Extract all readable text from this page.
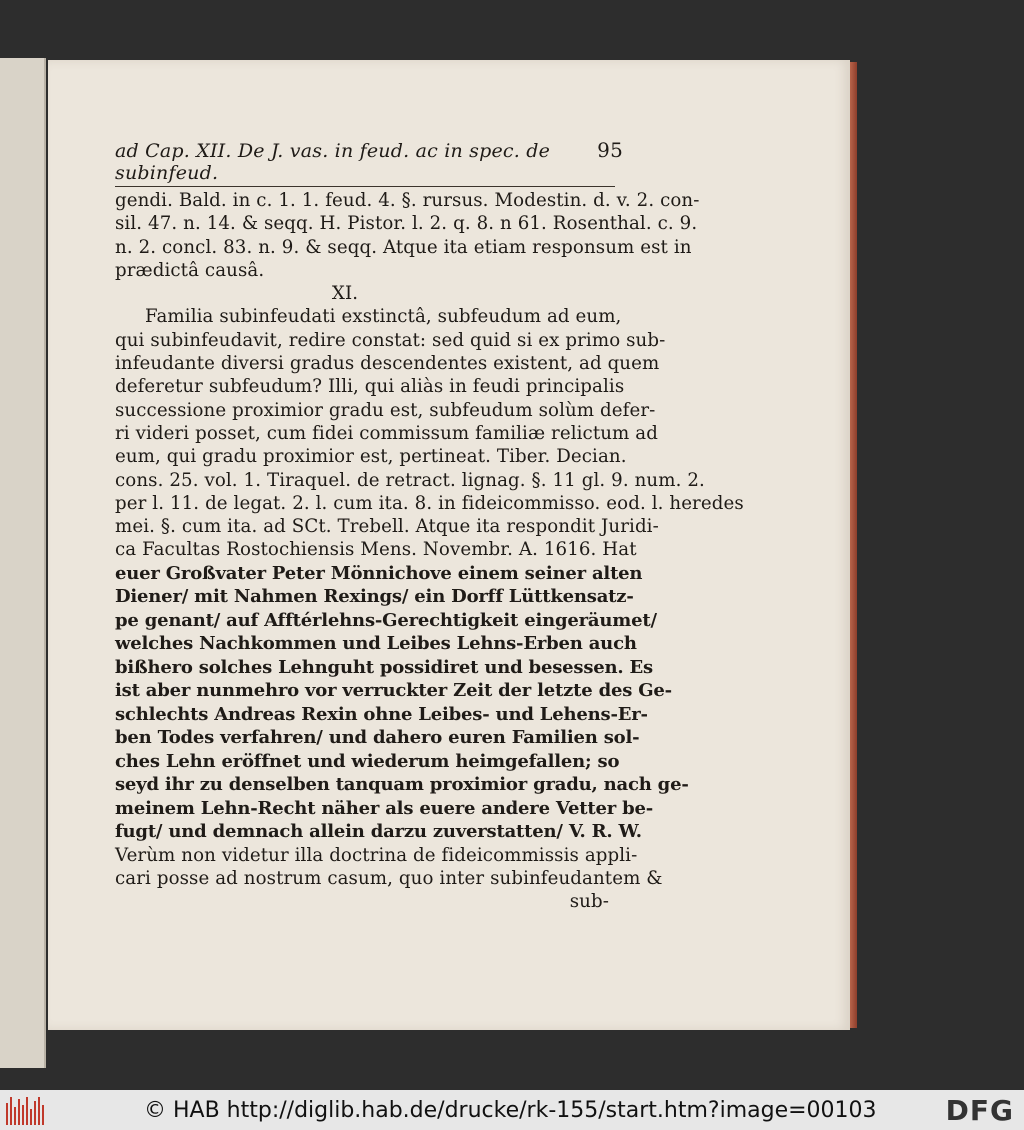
ad Cap. XII. De J. vas. in feud. ac in spec. de subinfeud.
95
gendi. Bald. in c. 1. 1. feud. 4. §. rursus. Modestin. d. v. 2. con-
sil. 47. n. 14. & seqq. H. Pistor. l. 2. q. 8. n 61. Rosenthal. c. 9.
n. 2. concl. 83. n. 9. & seqq. Atque ita etiam responsum est in
prædictâ causâ.
XI.
Familia subinfeudati exstinctâ, subfeudum ad eum,
qui subinfeudavit, redire constat: sed quid si ex primo sub-
infeudante diversi gradus descendentes existent, ad quem
deferetur subfeudum? Illi, qui aliàs in feudi principalis
successione proximior gradu est, subfeudum solùm defer-
ri videri posset, cum fidei commissum familiæ relictum ad
eum, qui gradu proximior est, pertineat. Tiber. Decian.
cons. 25. vol. 1. Tiraquel. de retract. lignag. §. 11 gl. 9. num. 2.
per l. 11. de legat. 2. l. cum ita. 8. in fideicommisso. eod. l. heredes
mei. §. cum ita. ad SCt. Trebell. Atque ita respondit Juridi-
ca Facultas Rostochiensis Mens. Novembr. A. 1616. Hat
euer Großvater Peter Mönnichove einem seiner alten
Diener/ mit Nahmen Rexings/ ein Dorff Lüttkensatz-
pe genant/ auf Afftérlehns-Gerechtigkeit eingeräumet/
welches Nachkommen und Leibes Lehns-Erben auch
bißhero solches Lehnguht possidiret und besessen. Es
ist aber nunmehro vor verruckter Zeit der letzte des Ge-
schlechts Andreas Rexin ohne Leibes- und Lehens-Er-
ben Todes verfahren/ und dahero euren Familien sol-
ches Lehn eröffnet und wiederum heimgefallen; so
seyd ihr zu denselben tanquam proximior gradu, nach ge-
meinem Lehn-Recht näher als euere andere Vetter be-
fugt/ und demnach allein darzu zuverstatten/ V. R. W.
Verùm non videtur illa doctrina de fideicommissis appli-
cari posse ad nostrum casum, quo inter subinfeudantem &
sub-
© HAB http://diglib.hab.de/drucke/rk-155/start.htm?image=00103 DFG
